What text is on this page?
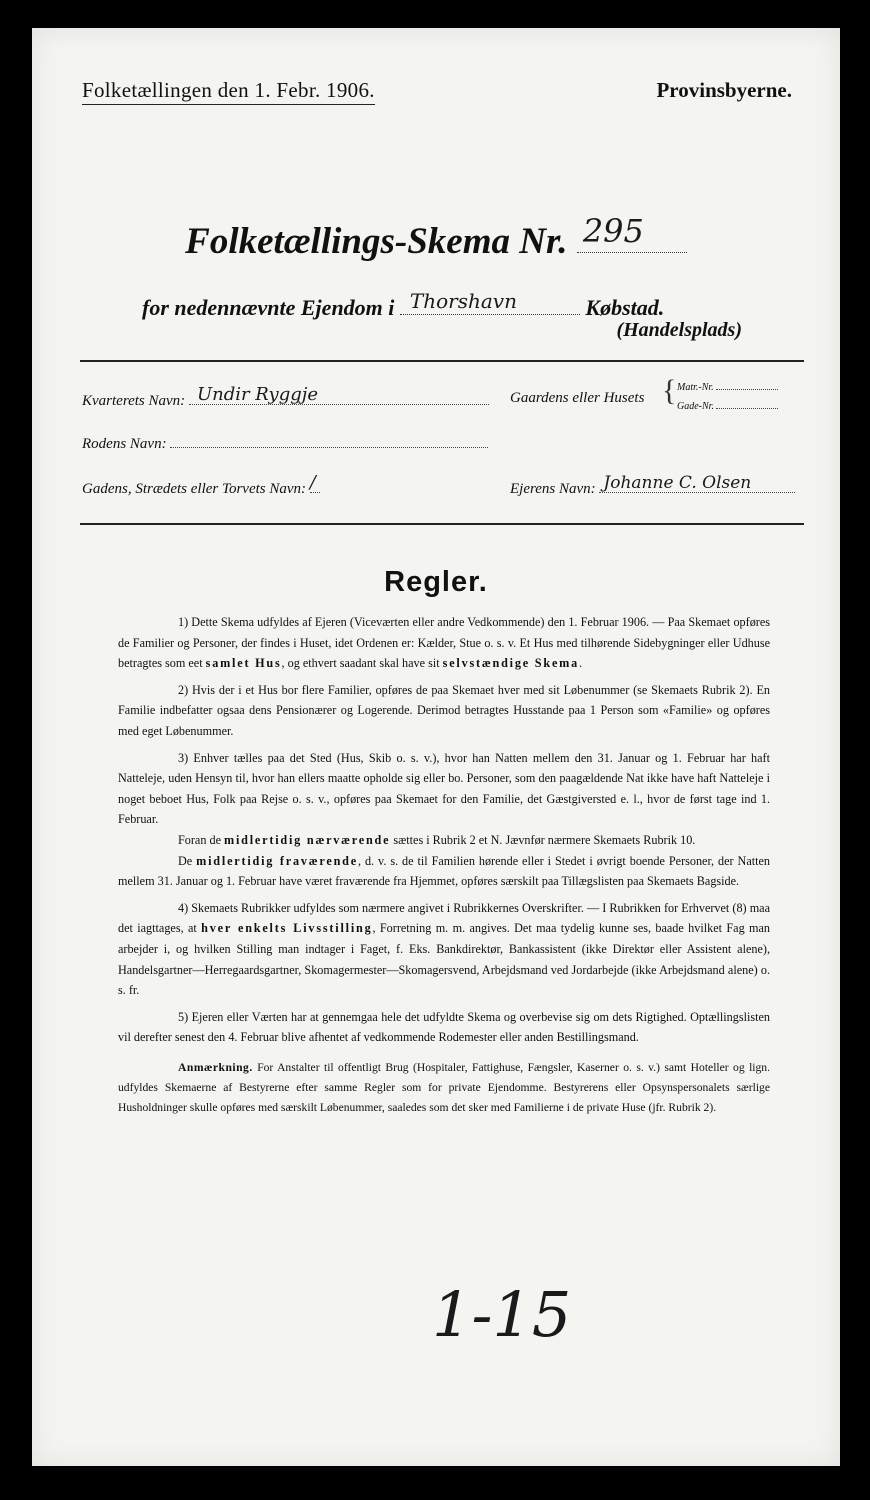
Folketællingen den 1. Febr. 1906.	Provinsbyerne.
Folketællings-Skema Nr. 295
for nedennævnte Ejendom i Thorshavn	Købstad.
(Handelsplads)
Kvarterets Navn: Undir Ryggje	Gaardens eller Husets { Matr.-Nr.
Gade-Nr.
Rodens Navn:
Gadens, Strædets eller Torvets Navn: /	Ejerens Navn: Johanne C. Olsen
Regler.

1) Dette Skema udfyldes af Ejeren (Viceværten eller andre Vedkommende) den 1. Februar 1906. — Paa Skemaet opføres de Familier og Personer, der findes i Huset, idet Ordenen er: Kælder, Stue o. s. v. Et Hus med tilhørende Sidebygninger eller Udhuse betragtes som eet samlet Hus, og ethvert saadant skal have sit selvstændige Skema.

2) Hvis der i et Hus bor flere Familier, opføres de paa Skemaet hver med sit Løbenummer (se Skemaets Rubrik 2). En Familie indbefatter ogsaa dens Pensionærer og Logerende. Derimod betragtes Husstande paa 1 Person som «Familie» og opføres med eget Løbenummer.

3) Enhver tælles paa det Sted (Hus, Skib o. s. v.), hvor han Natten mellem den 31. Januar og 1. Februar har haft Natteleje, uden Hensyn til, hvor han ellers maatte opholde sig eller bo. Personer, som den paagældende Nat ikke have haft Natteleje i noget beboet Hus, Folk paa Rejse o. s. v., opføres paa Skemaet for den Familie, det Gæstgiversted e. l., hvor de først tage ind 1. Februar.

Foran de midlertidig nærværende sættes i Rubrik 2 et N. Jævnfør nærmere Skemaets Rubrik 10.

De midlertidig fraværende, d. v. s. de til Familien hørende eller i Stedet i øvrigt boende Personer, der Natten mellem 31. Januar og 1. Februar have været fraværende fra Hjemmet, opføres særskilt paa Tillægslisten paa Skemaets Bagside.

4) Skemaets Rubrikker udfyldes som nærmere angivet i Rubrikkernes Overskrifter. — I Rubrikken for Erhvervet (8) maa det iagttages, at hver enkelts Livsstilling, Forretning m. m. angives. Det maa tydelig kunne ses, baade hvilket Fag man arbejder i, og hvilken Stilling man indtager i Faget, f. Eks. Bankdirektør, Bankassistent (ikke Direktør eller Assistent alene), Handelsgartner—Herregaardsgartner, Skomagermester—Skomagersvend, Arbejdsmand ved Jordarbejde (ikke Arbejdsmand alene) o. s. fr.

5) Ejeren eller Værten har at gennemgaa hele det udfyldte Skema og overbevise sig om dets Rigtighed. Optællingslisten vil derefter senest den 4. Februar blive afhentet af vedkommende Rodemester eller anden Bestillingsmand.

Anmærkning. For Anstalter til offentligt Brug (Hospitaler, Fattighuse, Fængsler, Kaserner o. s. v.) samt Hoteller og lign. udfyldes Skemaerne af Bestyrerne efter samme Regler som for private Ejendomme. Bestyrerens eller Opsynspersonalets særlige Husholdninger skulle opføres med særskilt Løbenummer, saaledes som det sker med Familierne i de private Huse (jfr. Rubrik 2).

1-15
